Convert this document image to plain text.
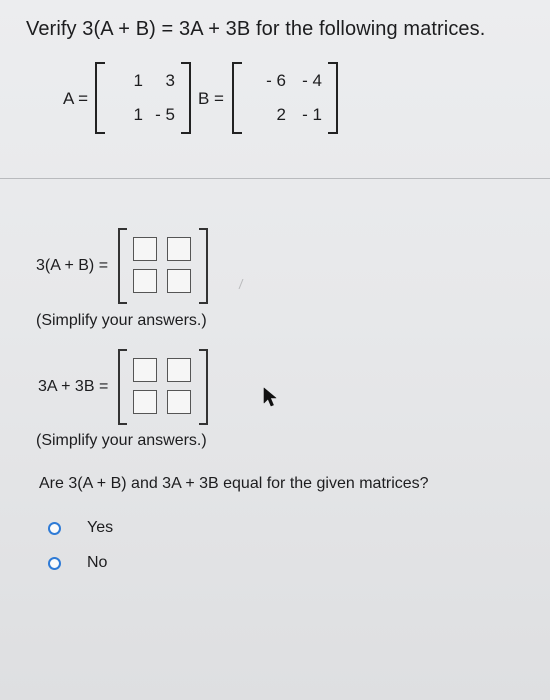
Verify 3(A + B) = 3A + 3B for the following matrices.
A =
1 3
1 - 5
B =
- 6 - 4
2 - 1
3(A + B) =
(Simplify your answers.)
3A + 3B =
(Simplify your answers.)
Are 3(A + B) and 3A + 3B equal for the given matrices?
Yes
No
